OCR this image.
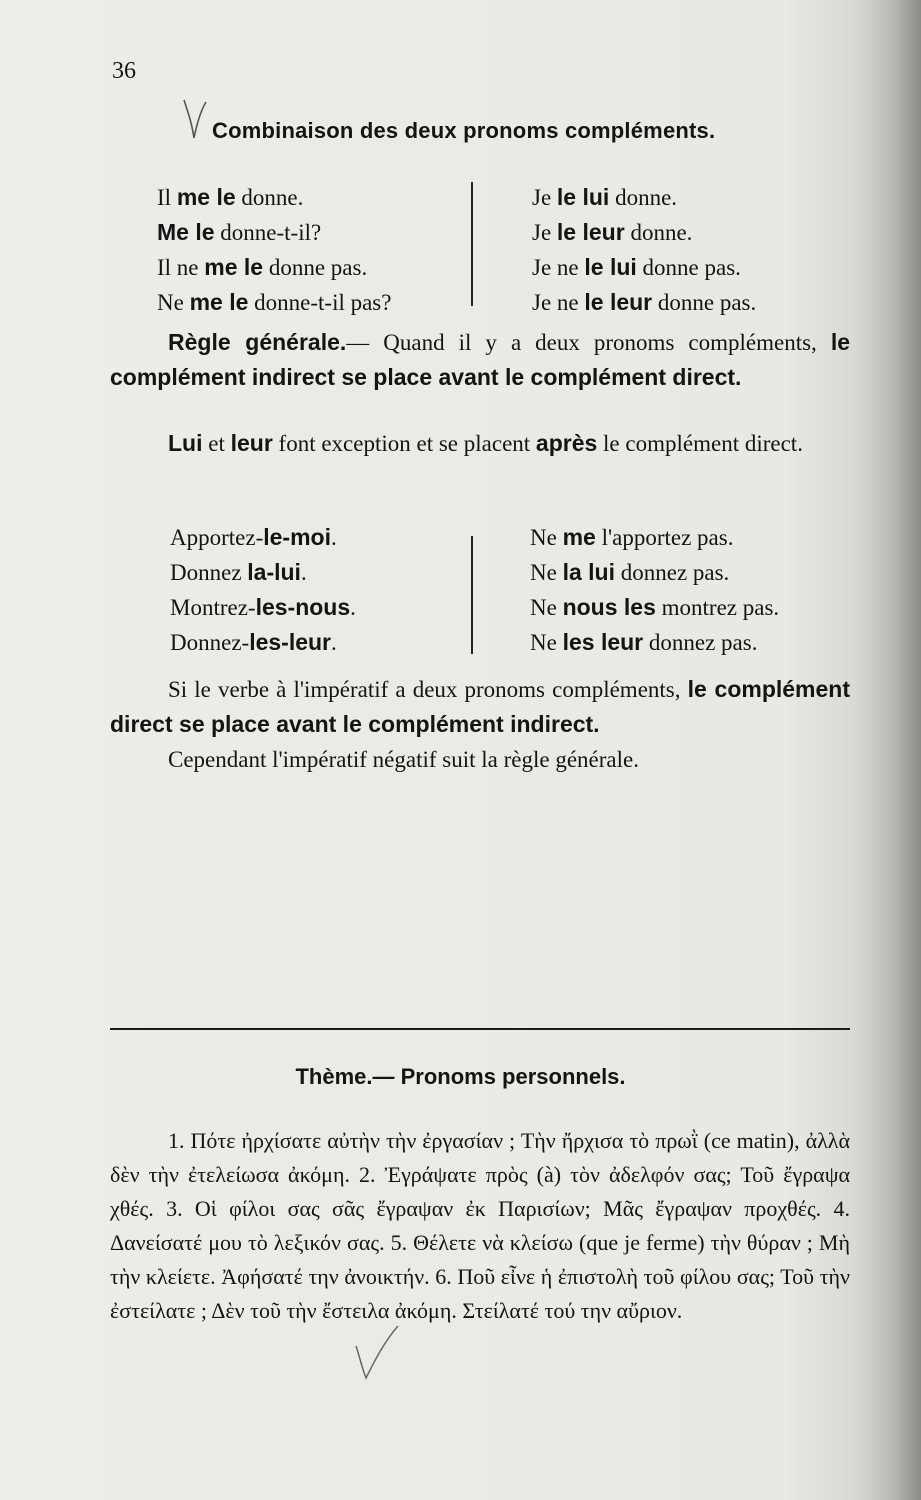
36
Combinaison des deux pronoms compléments.
Il me le donne.
Me le donne-t-il?
Il ne me le donne pas.
Ne me le donne-t-il pas?
Je le lui donne.
Je le leur donne.
Je ne le lui donne pas.
Je ne le leur donne pas.
Règle générale.— Quand il y a deux pronoms compléments, le complément indirect se place avant le complément direct.
Lui et leur font exception et se placent après le complément direct.
Apportez-le-moi.
Donnez la-lui.
Montrez-les-nous.
Donnez-les-leur.
Ne me l'apportez pas.
Ne la lui donnez pas.
Ne nous les montrez pas.
Ne les leur donnez pas.
Si le verbe à l'impératif a deux pronoms compléments, le complément direct se place avant le complément indirect.
Cependant l'impératif négatif suit la règle générale.
Thème.— Pronoms personnels.
1. Πότε ἠρχίσατε αὐτὴν τὴν ἐργασίαν ; Τὴν ἤρχισα τὸ πρωῒ (ce matin), ἀλλὰ δὲν τὴν ἐτελείωσα ἀκόμη. 2. Ἐγράψατε πρὸς (à) τὸν ἀδελφόν σας; Τοῦ ἔγραψα χθές. 3. Οἱ φίλοι σας σᾶς ἔγραψαν ἐκ Παρισίων; Μᾶς ἔγραψαν προχθές. 4. Δανείσατέ μου τὸ λεξικόν σας. 5. Θέλετε νὰ κλείσω (que je ferme) τὴν θύραν ; Μὴ τὴν κλείετε. Ἀφήσατέ την ἀνοικτήν. 6. Ποῦ εἶνε ἡ ἐπιστολὴ τοῦ φίλου σας; Τοῦ τὴν ἐστείλατε ; Δὲν τοῦ τὴν ἔστειλα ἀκόμη. Στείλατέ τού την αὔριον.
